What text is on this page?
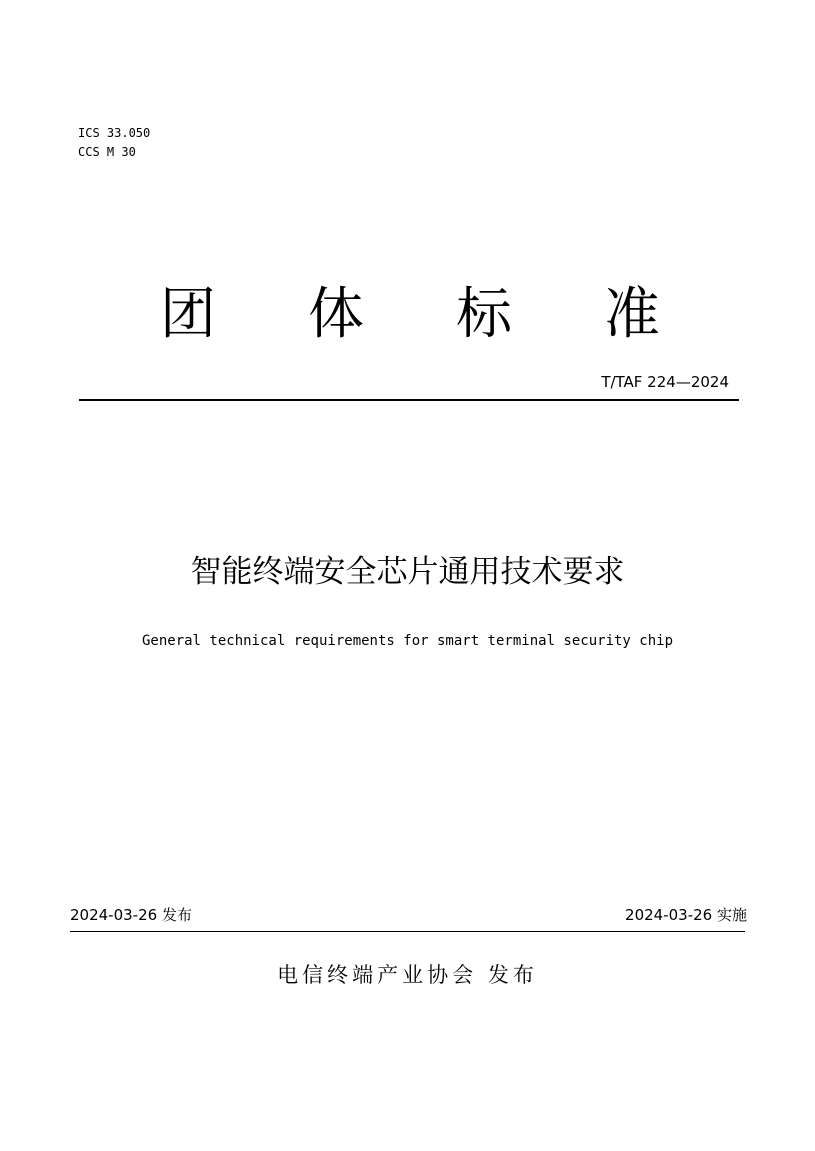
ICS 33.050
CCS M 30
团 体 标 准
T/TAF 224—2024
智能终端安全芯片通用技术要求
General technical requirements for smart terminal security chip
2024-03-26 发布	2024-03-26 实施
电信终端产业协会 发布
